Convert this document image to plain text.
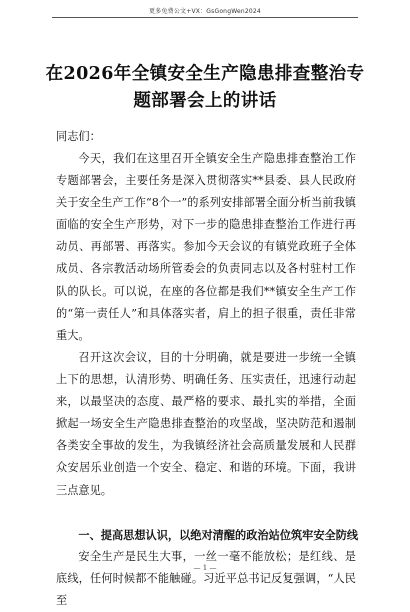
更多免费公文+VX：GsGongWen2024
在2026年全镇安全生产隐患排查整治专题部署会上的讲话
同志们：

今天，我们在这里召开全镇安全生产隐患排查整治工作专题部署会，主要任务是深入贯彻落实**县委、县人民政府关于安全生产工作“8个一”的系列安排部署全面分析当前我镇面临的安全生产形势，对下一步的隐患排查整治工作进行再动员、再部署、再落实。参加今天会议的有镇党政班子全体成员、各宗教活动场所管委会的负责同志以及各村驻村工作队的队长。可以说，在座的各位都是我们**镇安全生产工作的“第一责任人”和具体落实者，肩上的担子很重，责任非常重大。

召开这次会议，目的十分明确，就是要进一步统一全镇上下的思想，认清形势、明确任务、压实责任，迅速行动起来，以最坚决的态度、最严格的要求、最扎实的举措，全面掀起一场安全生产隐患排查整治的攻坚战，坚决防范和遏制各类安全事故的发生，为我镇经济社会高质量发展和人民群众安居乐业创造一个安全、稳定、和谐的环境。下面，我讲三点意见。

一、提高思想认识，以绝对清醒的政治站位筑牢安全防线

安全生产是民生大事，一丝一毫不能放松；是红线、是底线，任何时候都不能触碰。习近平总书记反复强调，“人民至

— 1 —
